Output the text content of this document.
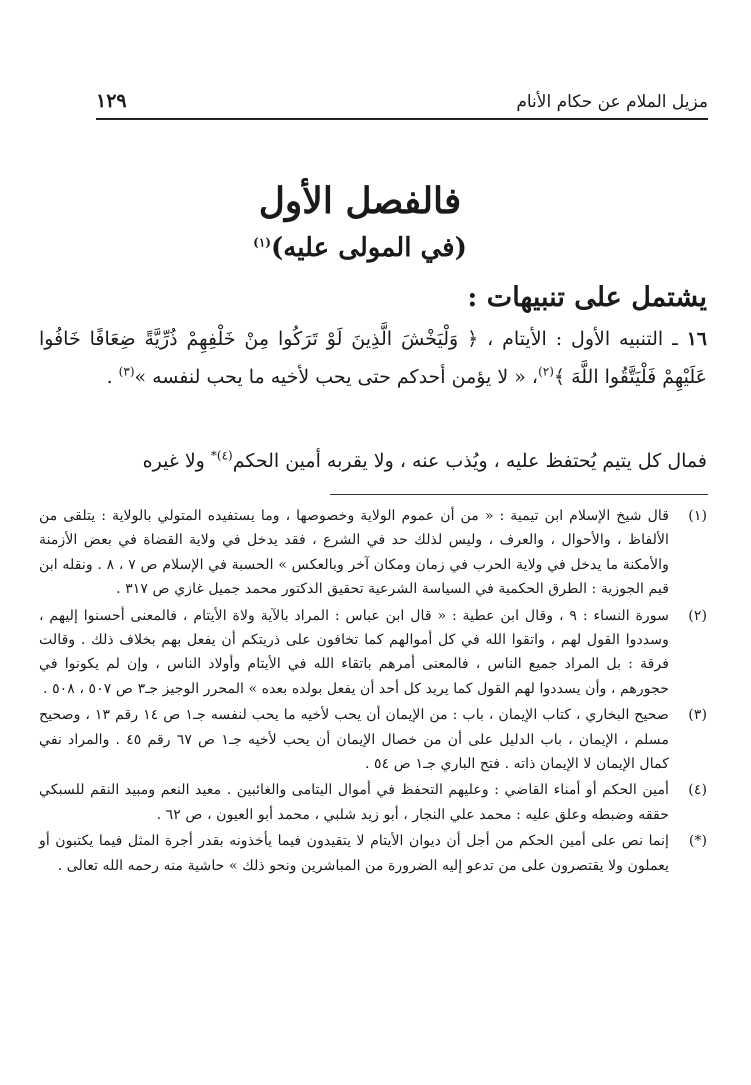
مزيل الملام عن حكام الأنام
١٢٩
فالفصل الأول
(في المولى عليه)$^{(١)}$
يشتمل على تنبيهات :

١٦ ـ التنبيه الأول : الأيتام ، ﴿ وَلْيَخْشَ الَّذِينَ لَوْ تَرَكُوا مِنْ خَلْفِهِمْ ذُرِّيَّةً ضِعَافًا خَافُوا عَلَيْهِمْ فَلْيَتَّقُوا اللَّهَ ﴾$^{(٢)}$، « لا يؤمن أحدكم حتى يحب لأخيه ما يحب لنفسه »$^{(٣)}$ .

فمال كل يتيم يُحتفظ عليه ، ويُذب عنه ، ولا يقربه أمين الحكم$^{(٤)*}$ ولا غيره

(١)
قال شيخ الإسلام ابن تيمية : « من أن عموم الولاية وخصوصها ، وما يستفيده المتولي بالولاية : يتلقى من الألفاظ ، والأحوال ، والعرف ، وليس لذلك حد في الشرع ، فقد يدخل في ولاية القضاة في بعض الأزمنة والأمكنة ما يدخل في ولاية الحرب في زمان ومكان آخر وبالعكس » الحسبة في الإسلام ص ٧ ، ٨ . ونقله ابن قيم الجوزية : الطرق الحكمية في السياسة الشرعية تحقيق الدكتور محمد جميل غازي ص ٣١٧ .
(٢)
سورة النساء : ٩ ، وقال ابن عطية : « قال ابن عباس : المراد بالآية ولاة الأيتام ، فالمعنى أحسنوا إليهم ، وسددوا القول لهم ، واتقوا الله في كل أموالهم كما تخافون على ذريتكم أن يفعل بهم بخلاف ذلك . وقالت فرقة : بل المراد جميع الناس ، فالمعنى أمرهم باتقاء الله في الأيتام وأولاد الناس ، وإن لم يكونوا في حجورهم ، وأن يسددوا لهم القول كما يريد كل أحد أن يفعل بولده بعده » المحرر الوجيز جـ٣ ص ٥٠٧ ، ٥٠٨ .
(٣)
صحيح البخاري ، كتاب الإيمان ، باب : من الإيمان أن يحب لأخيه ما يحب لنفسه جـ١ ص ١٤ رقم ١٣ ، وصحيح مسلم ، الإيمان ، باب الدليل على أن من خصال الإيمان أن يحب لأخيه جـ١ ص ٦٧ رقم ٤٥ . والمراد نفي كمال الإيمان لا الإيمان ذاته . فتح الباري جـ١ ص ٥٤ .
(٤)
أمين الحكم أو أمناء القاضي : وعليهم التحفظ في أموال اليتامى والغائبين . معيد النعم ومبيد النقم للسبكي حققه وضبطه وعلق عليه : محمد علي النجار ، أبو زيد شلبي ، محمد أبو العيون ، ص ٦٢ .
(*)
إنما نص على أمين الحكم من أجل أن ديوان الأيتام لا يتقيدون فيما يأخذونه بقدر أجرة المثل فيما يكتبون أو يعملون ولا يقتصرون على من تدعو إليه الضرورة من المباشرين ونحو ذلك » حاشية منه رحمه الله تعالى .
